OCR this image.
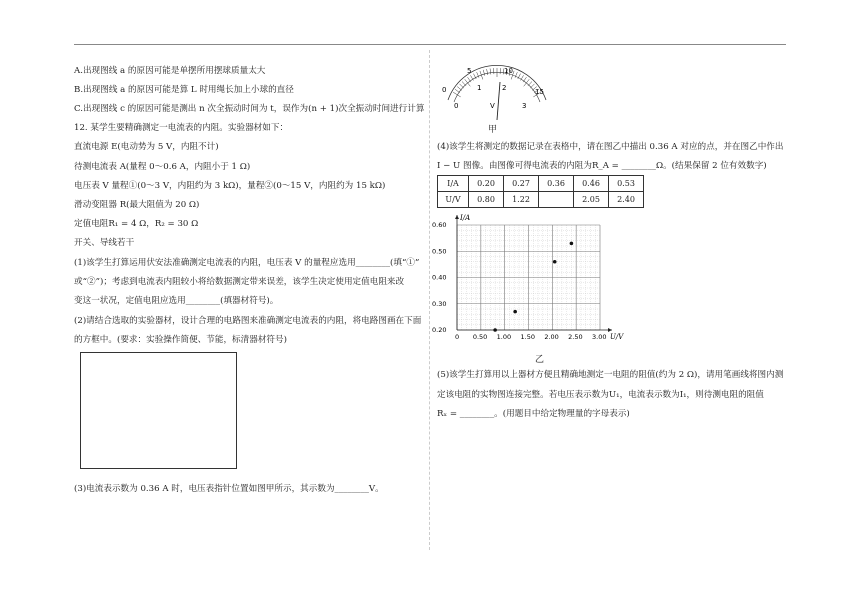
A.出现图线 a 的原因可能是单摆所用摆球质量太大
B.出现图线 a 的原因可能是算 L 时用绳长加上小球的直径
C.出现图线 c 的原因可能是测出 n 次全振动时间为 t，误作为(n + 1)次全振动时间进行计算
12. 某学生要精确测定一电流表的内阻。实验器材如下：
直流电源 E(电动势为 5 V，内阻不计)
待测电流表 A(量程 0～0.6 A，内阻小于 1 Ω)
电压表 V 量程①(0～3 V，内阻约为 3 kΩ)，量程②(0～15 V，内阻约为 15 kΩ)
滑动变阻器 R(最大阻值为 20 Ω)
定值电阻R₁ = 4 Ω，R₂ = 30 Ω
开关、导线若干
(1)该学生打算运用伏安法准确测定电流表的内阻，电压表 V 的量程应选用________(填“①”
或“②”)；考虑到电流表内阻较小将给数据测定带来误差，该学生决定使用定值电阻来改
变这一状况，定值电阻应选用________(填器材符号)。
(2)请结合选取的实验器材，设计合理的电路图来准确测定电流表的内阻，将电路图画在下面
的方框中。(要求：实验操作简便、节能，标清器材符号)
(3)电流表示数为 0.36 A 时，电压表指针位置如图甲所示，其示数为________V。
0
5	10
15
0
1	2
3
V
甲
(4)该学生将测定的数据记录在表格中，请在图乙中描出 0.36 A 对应的点，并在图乙中作出
I − U 图像。由图像可得电流表的内阻为R_A = ________Ω。(结果保留 2 位有效数字)
(5)该学生打算用以上器材方便且精确地测定一电阻的阻值(约为 2 Ω)，请用笔画线将图内测
定该电阻的实物图连接完整。若电压表示数为U₁，电流表示数为I₁，则待测电阻的阻值
Rₓ = ________。(用题目中给定物理量的字母表示)
I/A	0.20	0.27	0.36	0.46	0.53
U/V	0.80	1.22		2.05	2.40
U/V
I/A
0 0.50 1.00 1.50 2.00 2.50 3.00
0.20
0.30
0.40
0.50
0.60
乙
